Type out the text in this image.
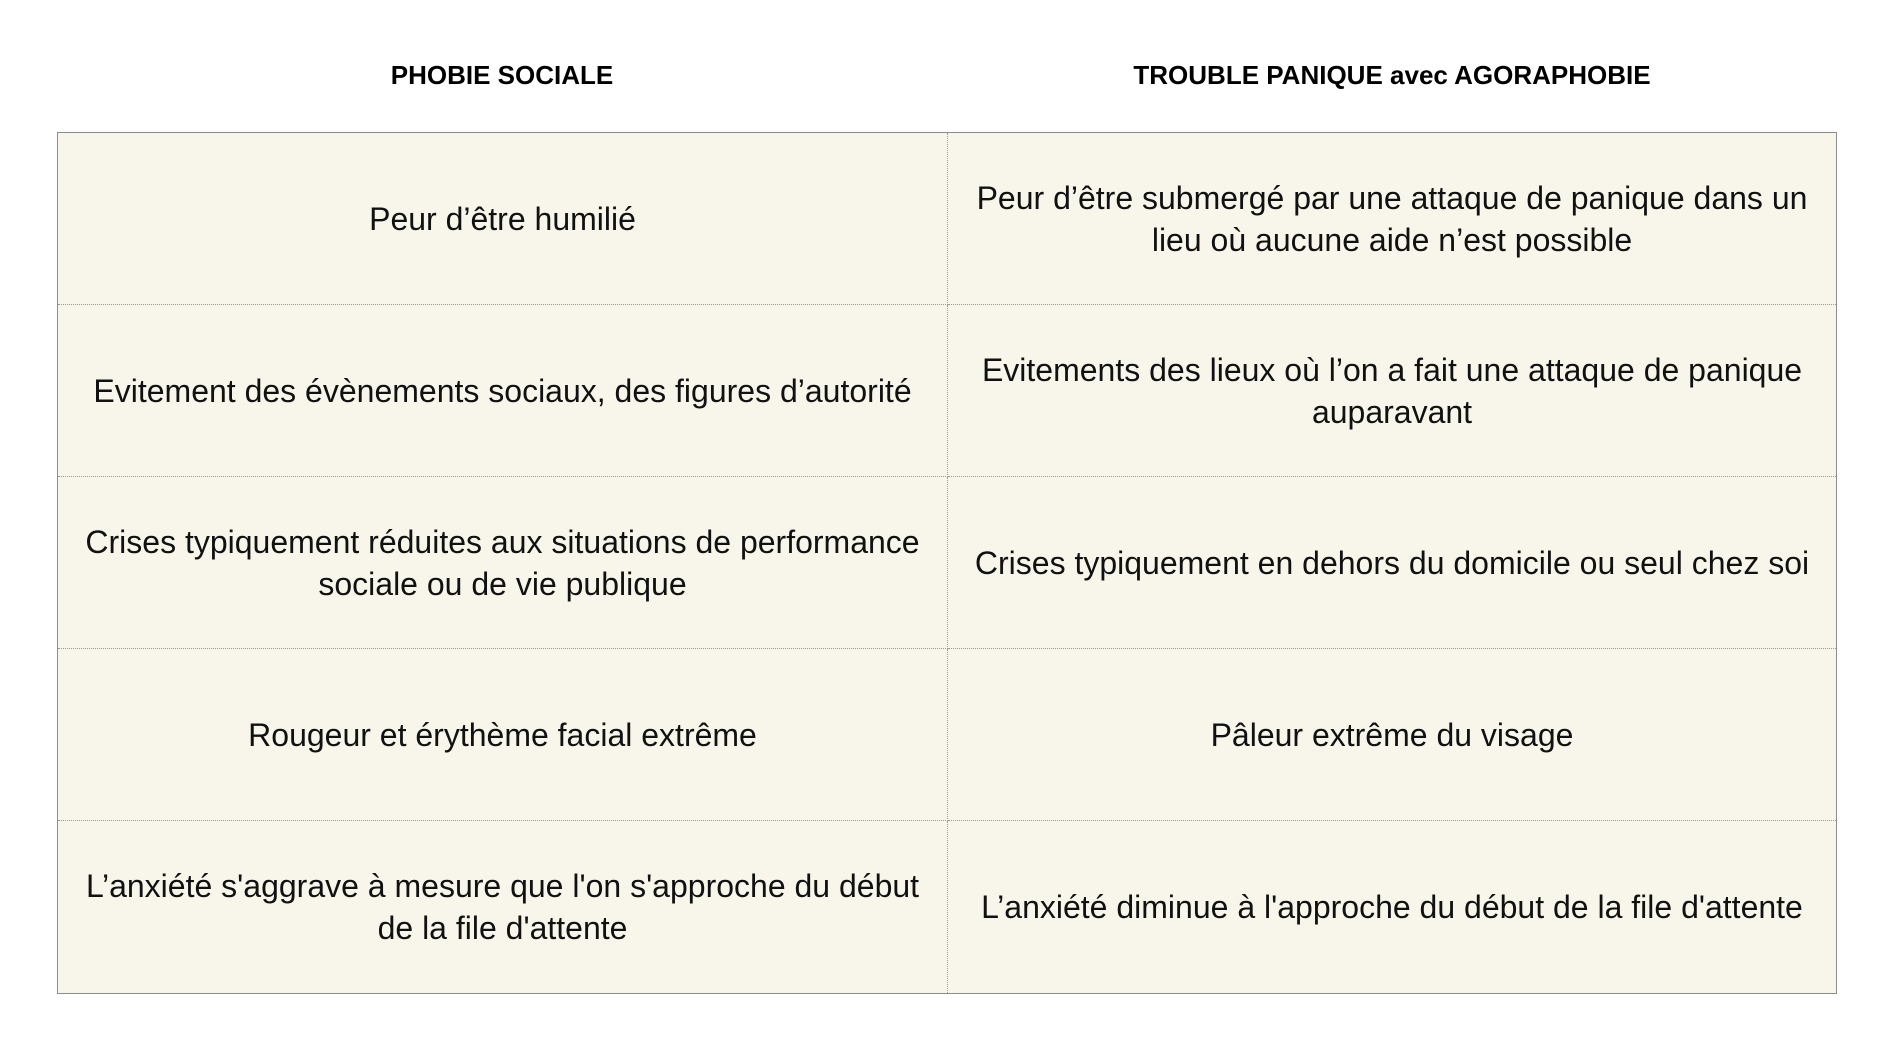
PHOBIE SOCIALE	TROUBLE PANIQUE avec AGORAPHOBIE
Peur d’être humilié
Peur d’être submergé par une attaque de panique dans un lieu où aucune aide n’est possible
Evitement des évènements sociaux, des figures d’autorité
Evitements des lieux où l’on a fait une attaque de panique auparavant
Crises typiquement réduites aux situations de performance sociale ou de vie publique
Crises typiquement en dehors du domicile ou seul chez soi
Rougeur et érythème facial extrême	Pâleur extrême du visage
L’anxiété s'aggrave à mesure que l'on s'approche du début de la file d'attente
L’anxiété diminue à l'approche du début de la file d'attente
